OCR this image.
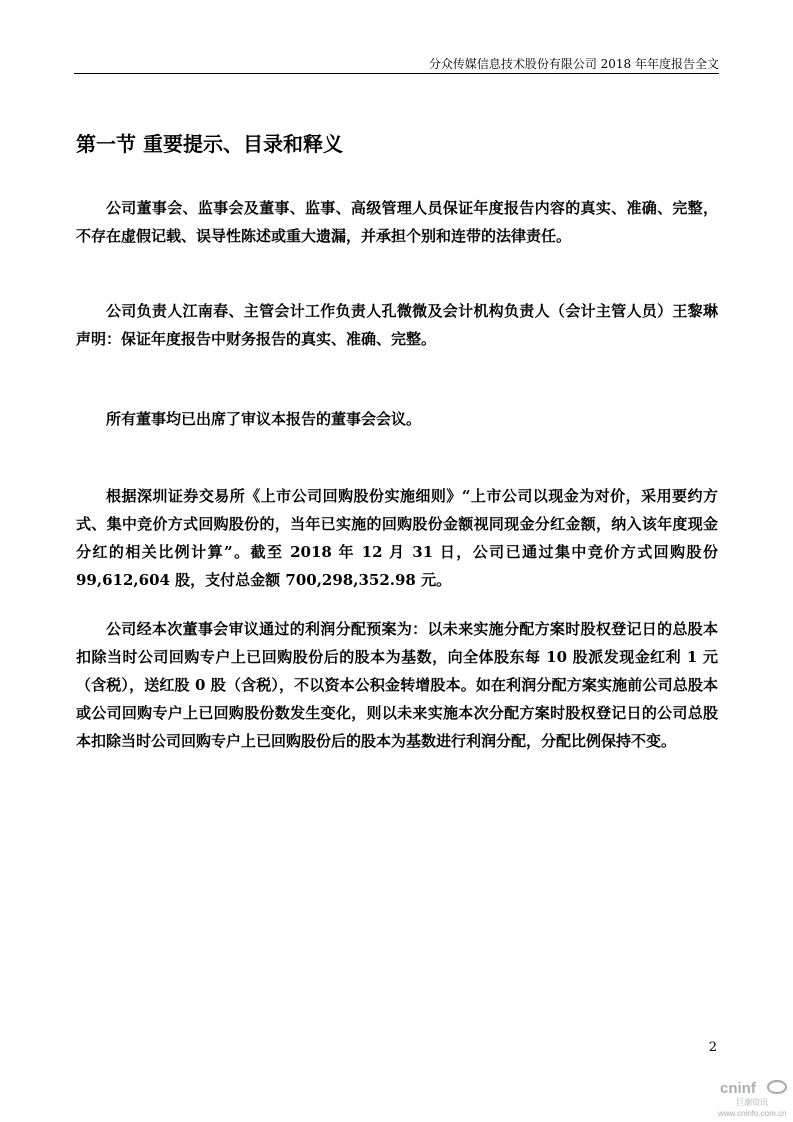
分众传媒信息技术股份有限公司 2018 年年度报告全文
第一节 重要提示、目录和释义

公司董事会、监事会及董事、监事、高级管理人员保证年度报告内容的真实、准确、完整，不存在虚假记载、误导性陈述或重大遗漏，并承担个别和连带的法律责任。

公司负责人江南春、主管会计工作负责人孔微微及会计机构负责人（会计主管人员）王黎琳声明：保证年度报告中财务报告的真实、准确、完整。

所有董事均已出席了审议本报告的董事会会议。

根据深圳证券交易所《上市公司回购股份实施细则》“上市公司以现金为对价，采用要约方式、集中竞价方式回购股份的，当年已实施的回购股份金额视同现金分红金额，纳入该年度现金分红的相关比例计算”。截至 2018 年 12 月 31 日，公司已通过集中竞价方式回购股份 99,612,604 股，支付总金额 700,298,352.98 元。

公司经本次董事会审议通过的利润分配预案为：以未来实施分配方案时股权登记日的总股本扣除当时公司回购专户上已回购股份后的股本为基数，向全体股东每 10 股派发现金红利 1 元（含税），送红股 0 股（含税），不以资本公积金转增股本。如在利润分配方案实施前公司总股本或公司回购专户上已回购股份数发生变化，则以未来实施本次分配方案时股权登记日的公司总股本扣除当时公司回购专户上已回购股份后的股本为基数进行利润分配，分配比例保持不变。

2
cninf
巨潮资讯
www.cninfo.com.cn
